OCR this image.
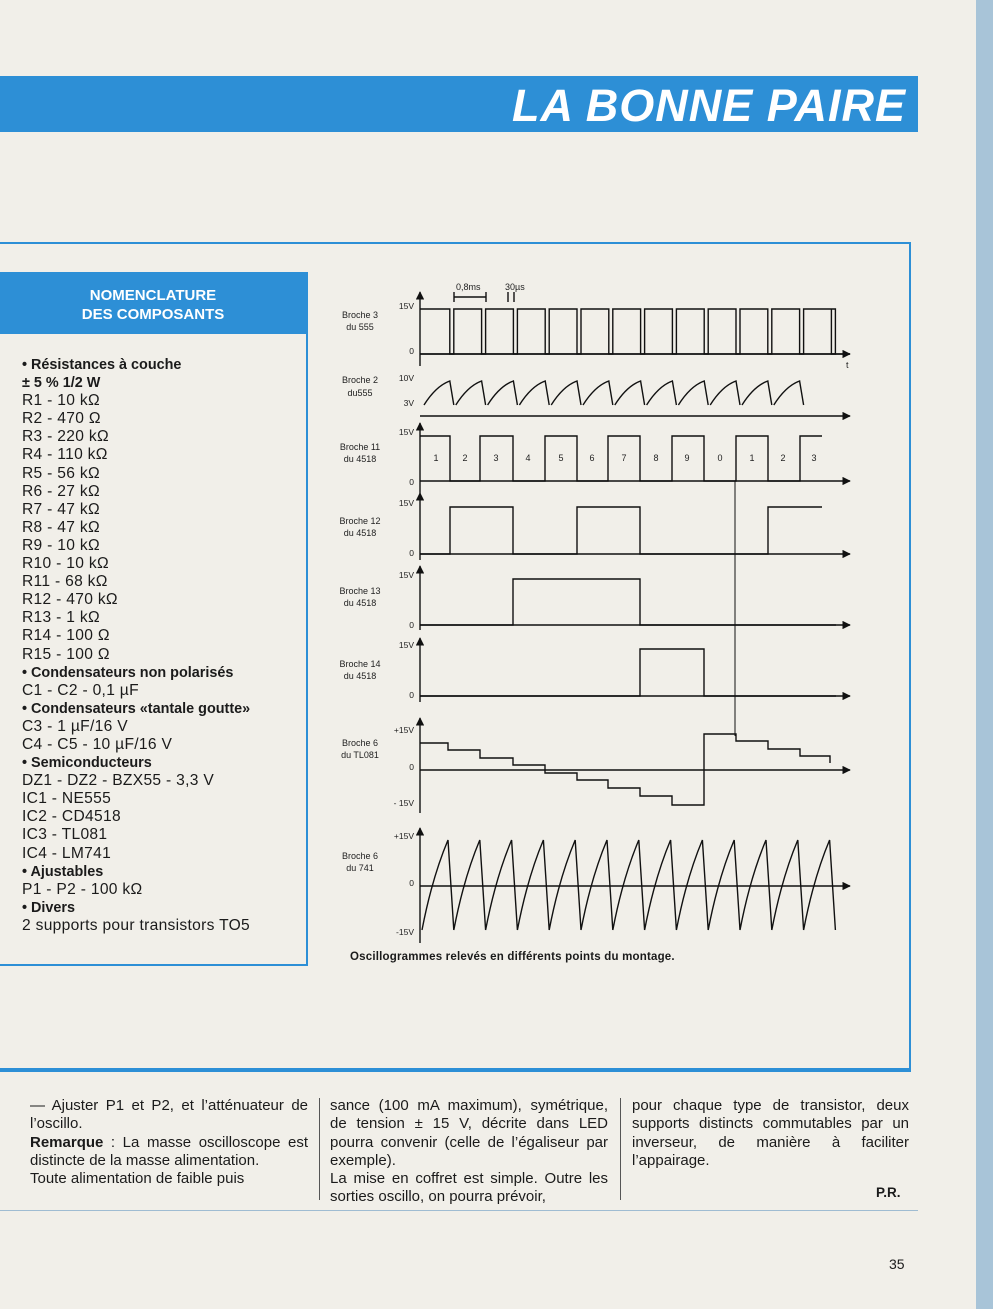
LA BONNE PAIRE
NOMENCLATURE
DES COMPOSANTS
• Résistances à couche
± 5 % 1/2 W
R1 - 10 kΩ
R2 - 470 Ω
R3 - 220 kΩ
R4 - 110 kΩ
R5 - 56 kΩ
R6 - 27 kΩ
R7 - 47 kΩ
R8 - 47 kΩ
R9 - 10 kΩ
R10 - 10 kΩ
R11 - 68 kΩ
R12 - 470 kΩ
R13 - 1 kΩ
R14 - 100 Ω
R15 - 100 Ω
• Condensateurs non polarisés
C1 - C2 - 0,1 µF
• Condensateurs «tantale goutte»
C3 - 1 µF/16 V
C4 - C5 - 10 µF/16 V
• Semiconducteurs
DZ1 - DZ2 - BZX55 - 3,3 V
IC1 - NE555
IC2 - CD4518
IC3 - TL081
IC4 - LM741
• Ajustables
P1 - P2 - 100 kΩ
• Divers
2 supports pour transistors TO5
0,8ms	30µs
t
1	2	3	4	5	6	7	8	9	0	1	2	3
Broche 3
du 555
15V
0
Broche 2
du555
10V
3V
Broche 11
du 4518
15V
0
Broche 12
du 4518
15V
0
Broche 13
du 4518
15V
0
Broche 14
du 4518
15V
0
Broche 6
du TL081
+15V
0
- 15V
Broche 6
du 741
+15V
0
-15V
Oscillogrammes relevés en différents points du montage.

— Ajuster P1 et P2, et l’atténuateur de l’oscillo.

Remarque : La masse oscilloscope est distincte de la masse alimentation.

Toute alimentation de faible puis

sance (100 mA maximum), symétrique, de tension ± 15 V, décrite dans LED pourra convenir (celle de l’égaliseur par exemple).

La mise en coffret est simple. Outre les sorties oscillo, on pourra prévoir,

pour chaque type de transistor, deux supports distincts commutables par un inverseur, de manière à faciliter l’appairage.

P.R.
35
